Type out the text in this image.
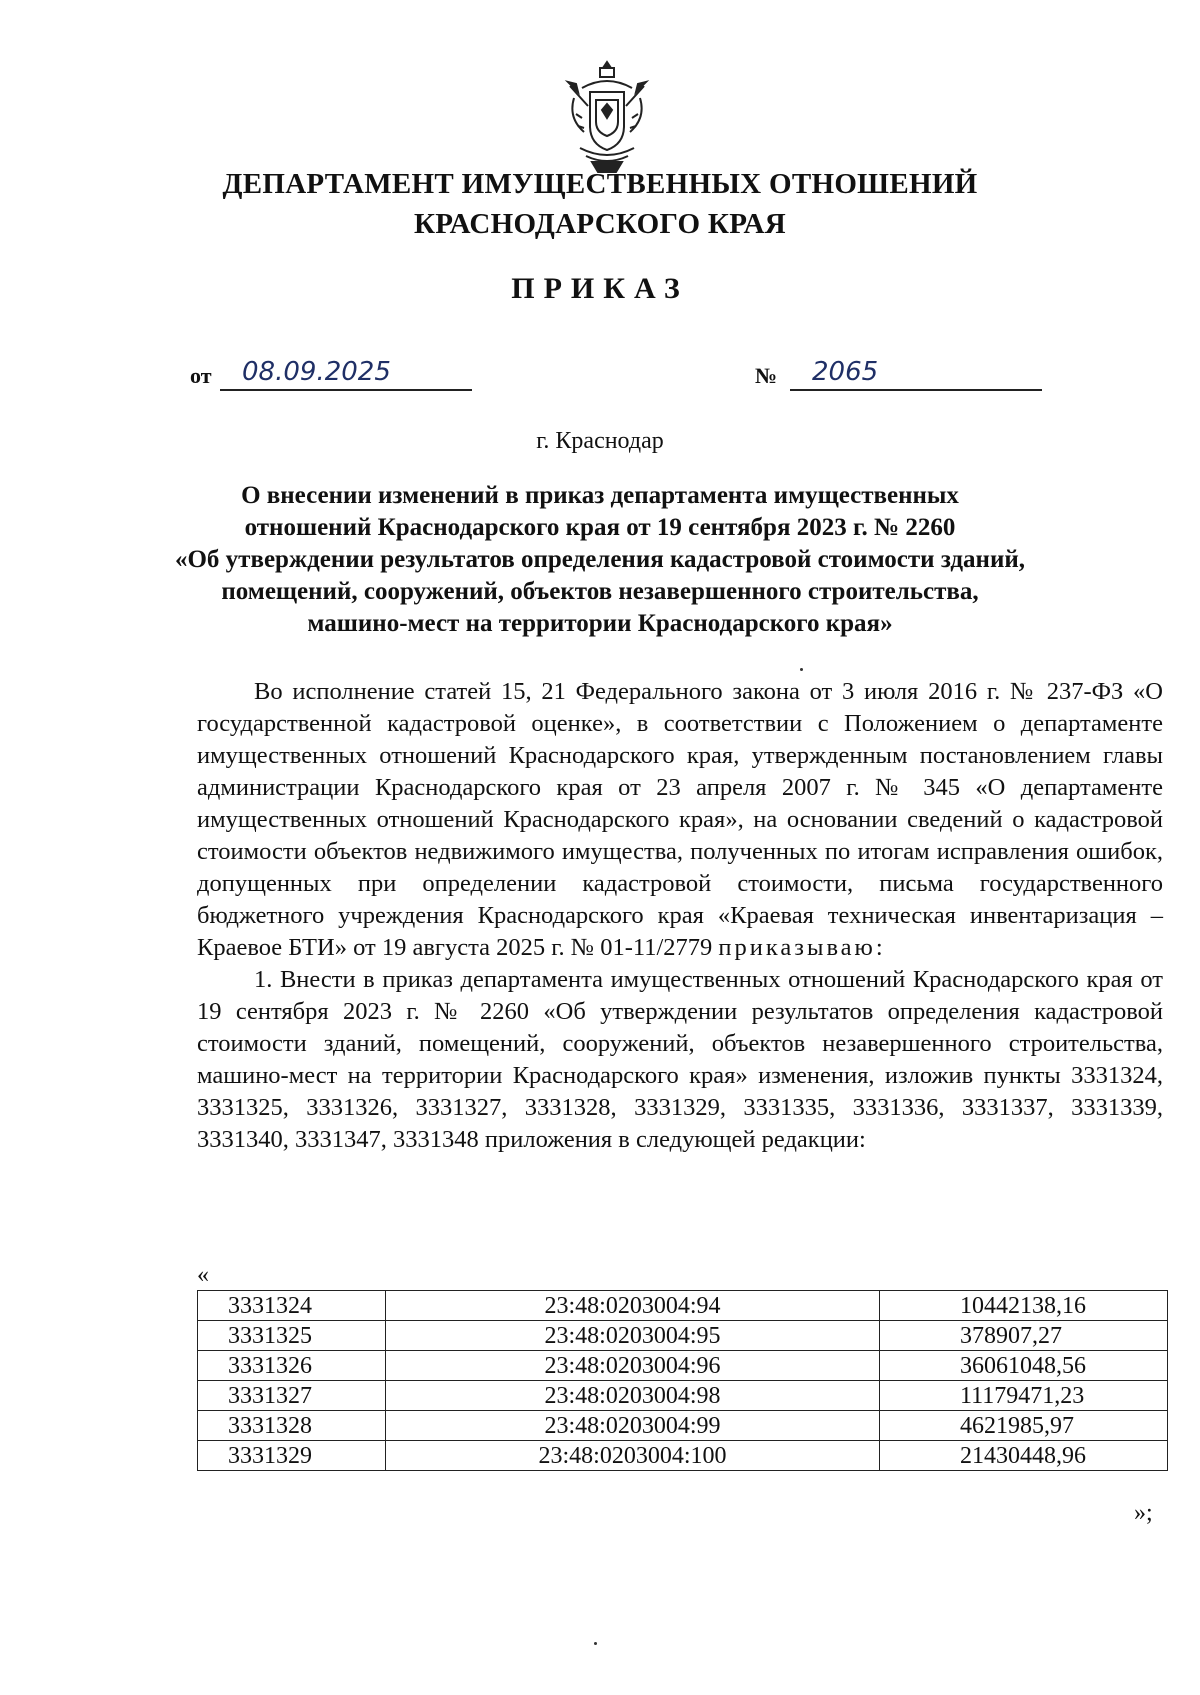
ДЕПАРТАМЕНТ ИМУЩЕСТВЕННЫХ ОТНОШЕНИЙ
КРАСНОДАРСКОГО КРАЯ
ПРИКАЗ
от	08.09.2025	№	2065
г. Краснодар
О внесении изменений в приказ департамента имущественных
отношений Краснодарского края от 19 сентября 2023 г. № 2260
«Об утверждении результатов определения кадастровой стоимости зданий,
помещений, сооружений, объектов незавершенного строительства,
машино-мест на территории Краснодарского края»

Во исполнение статей 15, 21 Федерального закона от 3 июля 2016 г. № 237-ФЗ «О государственной кадастровой оценке», в соответствии с Положением о департаменте имущественных отношений Краснодарского края, утвержденным постановлением главы администрации Краснодарского края от 23 апреля 2007 г. № 345 «О департаменте имущественных отношений Краснодарского края», на основании сведений о кадастровой стоимости объектов недвижимого имущества, полученных по итогам исправления ошибок, допущенных при определении кадастровой стоимости, письма государственного бюджетного учреждения Краснодарского края «Краевая техническая инвентаризация – Краевое БТИ» от 19 августа 2025 г. № 01-11/2779 приказываю:

1. Внести в приказ департамента имущественных отношений Краснодарского края от 19 сентября 2023 г. № 2260 «Об утверждении результатов определения кадастровой стоимости зданий, помещений, сооружений, объектов незавершенного строительства, машино-мест на территории Краснодарского края» изменения, изложив пункты 3331324, 3331325, 3331326, 3331327, 3331328, 3331329, 3331335, 3331336, 3331337, 3331339, 3331340, 3331347, 3331348 приложения в следующей редакции:

«
3331324	23:48:0203004:94	10442138,16
3331325	23:48:0203004:95	378907,27
3331326	23:48:0203004:96	36061048,56
3331327	23:48:0203004:98	11179471,23
3331328	23:48:0203004:99	4621985,97
3331329	23:48:0203004:100	21430448,96
»;
